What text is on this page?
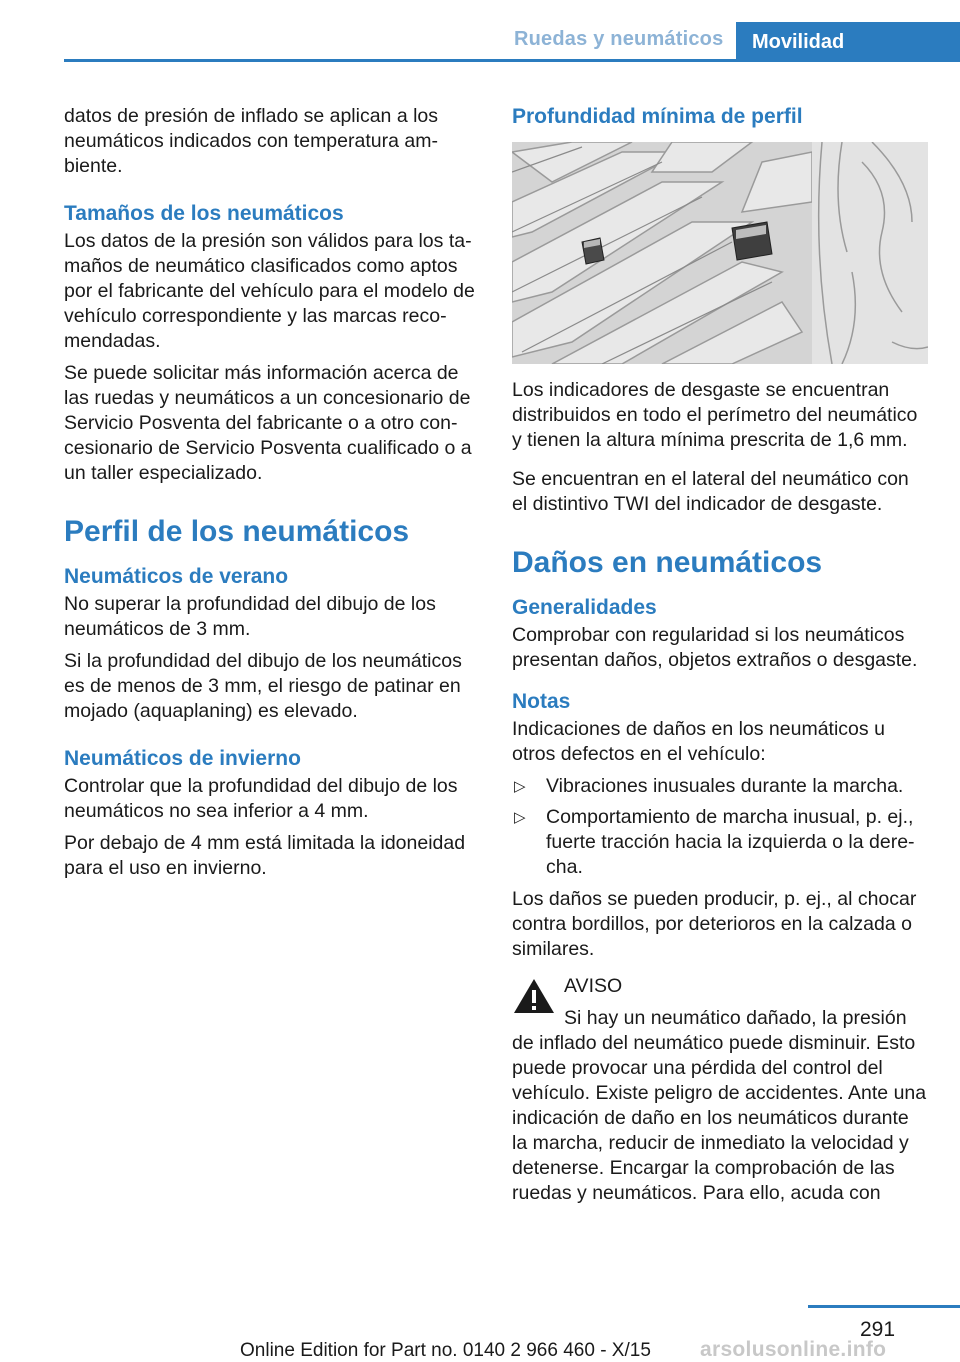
Ruedas y neumáticos	Movilidad

datos de presión de inflado se aplican a los neumáticos indicados con temperatura ambiente.

Tamaños de los neumáticos

Los datos de la presión son válidos para los tamaños de neumático clasificados como aptos por el fabricante del vehículo para el modelo de vehículo correspondiente y las marcas recomendadas.

Se puede solicitar más información acerca de las ruedas y neumáticos a un concesionario de Servicio Posventa del fabricante o a otro concesionario de Servicio Posventa cualificado o a un taller especializado.

Perfil de los neumáticos
Neumáticos de verano

No superar la profundidad del dibujo de los neumáticos de 3 mm.

Si la profundidad del dibujo de los neumáticos es de menos de 3 mm, el riesgo de patinar en mojado (aquaplaning) es elevado.

Neumáticos de invierno

Controlar que la profundidad del dibujo de los neumáticos no sea inferior a 4 mm.

Por debajo de 4 mm está limitada la idoneidad para el uso en invierno.

Profundidad mínima de perfil

Los indicadores de desgaste se encuentran distribuidos en todo el perímetro del neumático y tienen la altura mínima prescrita de 1,6 mm.

Se encuentran en el lateral del neumático con el distintivo TWI del indicador de desgaste.

Daños en neumáticos
Generalidades

Comprobar con regularidad si los neumáticos presentan daños, objetos extraños o desgaste.

Notas

Indicaciones de daños en los neumáticos u otros defectos en el vehículo:

▷ Vibraciones inusuales durante la marcha.
▷ Comportamiento de marcha inusual, p. ej., fuerte tracción hacia la izquierda o la derecha.

Los daños se pueden producir, p. ej., al chocar contra bordillos, por deterioros en la calzada o similares.

AVISO

Si hay un neumático dañado, la presión de inflado del neumático puede disminuir. Esto puede provocar una pérdida del control del vehículo. Existe peligro de accidentes. Ante una indicación de daño en los neumáticos durante la marcha, reducir de inmediato la velocidad y detenerse. Encargar la comprobación de las ruedas y neumáticos. Para ello, acuda con

291
Online Edition for Part no. 0140 2 966 460 - X/15 arsolusonline.info
